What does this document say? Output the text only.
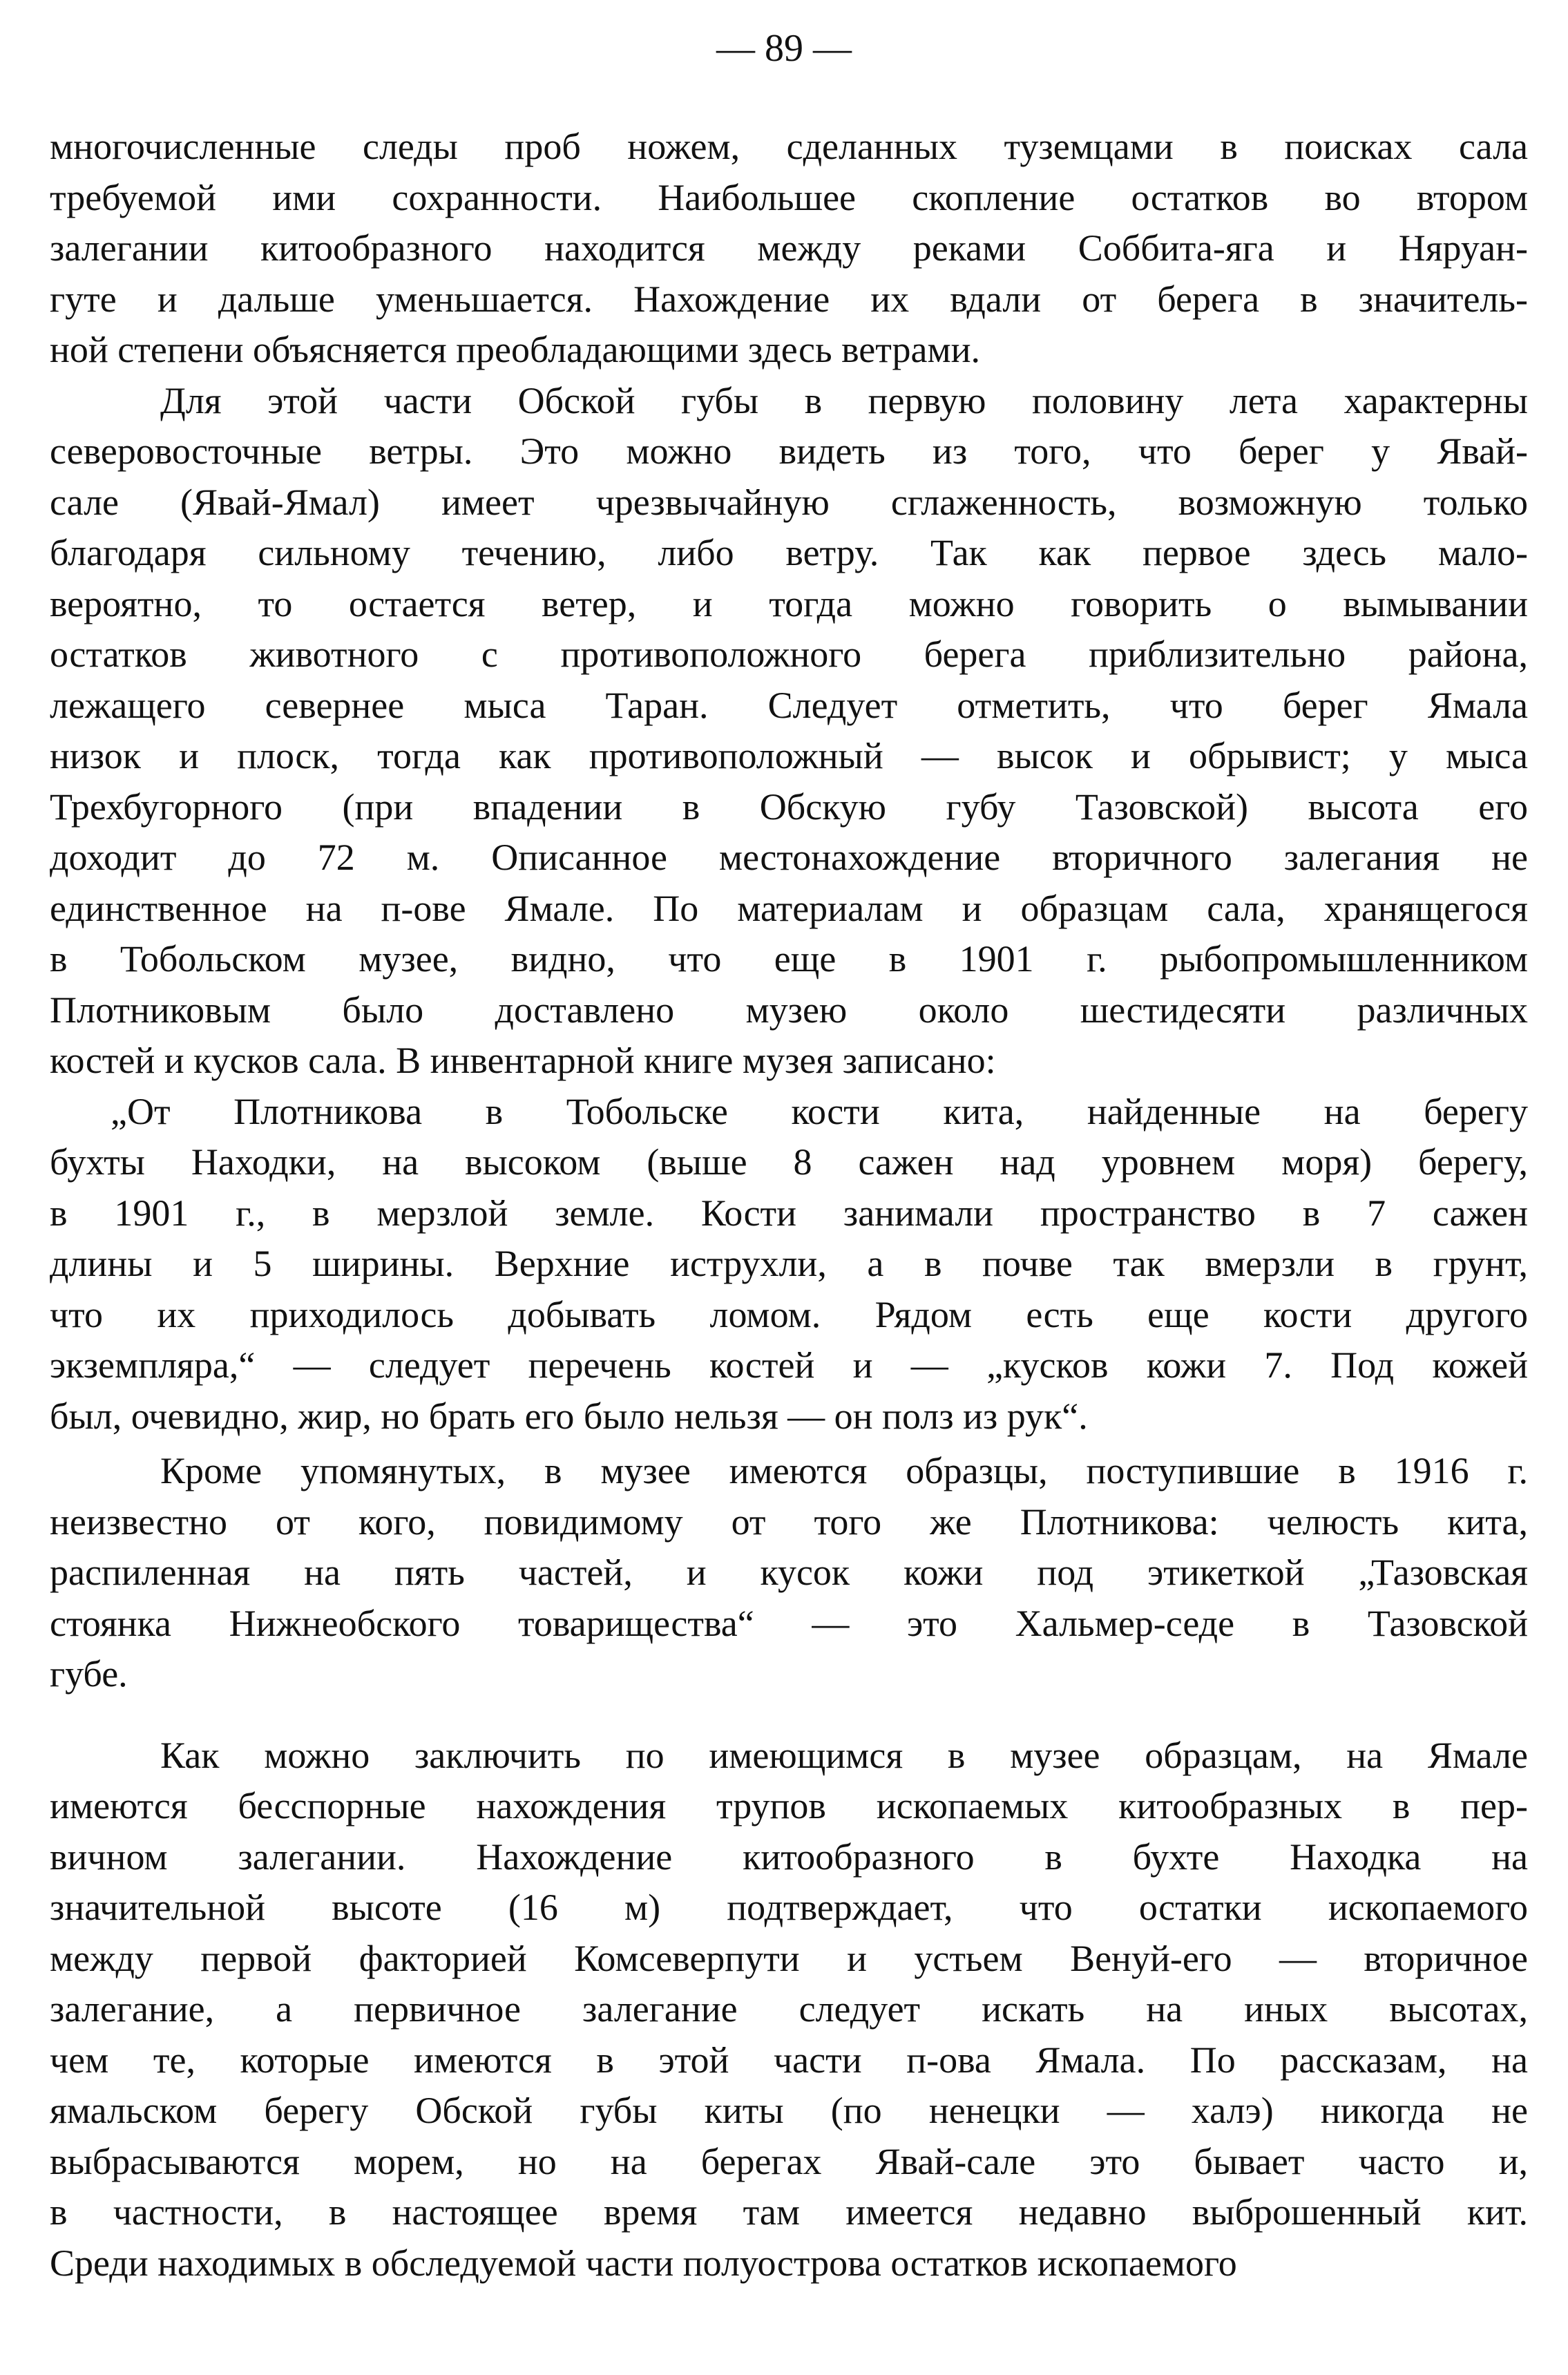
— 89 —
многочисленные следы проб ножем, сделанных туземцами в поисках сала
требуемой ими сохранности. Наибольшее скопление остатков во втором
залегании китообразного находится между реками Соббита-яга и Няруан-
гуте и дальше уменьшается. Нахождение их вдали от берега в значитель-
ной степени объясняется преобладающими здесь ветрами.
Для этой части Обской губы в первую половину лета характерны
северовосточные ветры. Это можно видеть из того, что берег у Явай-
сале (Явай-Ямал) имеет чрезвычайную сглаженность, возможную только
благодаря сильному течению, либо ветру. Так как первое здесь мало-
вероятно, то остается ветер, и тогда можно говорить о вымывании
остатков животного с противоположного берега приблизительно района,
лежащего севернее мыса Таран. Следует отметить, что берег Ямала
низок и плоск, тогда как противоположный — высок и обрывист; у мыса
Трехбугорного (при впадении в Обскую губу Тазовской) высота его
доходит до 72 м. Описанное местонахождение вторичного залегания не
единственное на п-ове Ямале. По материалам и образцам сала, хранящегося
в Тобольском музее, видно, что еще в 1901 г. рыбопромышленником
Плотниковым было доставлено музею около шестидесяти различных
костей и кусков сала. В инвентарной книге музея записано:
„От Плотникова в Тобольске кости кита, найденные на берегу
бухты Находки, на высоком (выше 8 сажен над уровнем моря) берегу,
в 1901 г., в мерзлой земле. Кости занимали пространство в 7 сажен
длины и 5 ширины. Верхние иструхли, а в почве так вмерзли в грунт,
что их приходилось добывать ломом. Рядом есть еще кости другого
экземпляра,“ — следует перечень костей и — „кусков кожи 7. Под кожей
был, очевидно, жир, но брать его было нельзя — он полз из рук“.
Кроме упомянутых, в музее имеются образцы, поступившие в 1916 г.
неизвестно от кого, повидимому от того же Плотникова: челюсть кита,
распиленная на пять частей, и кусок кожи под этикеткой „Тазовская
стоянка Нижнеобского товарищества“ — это Хальмер-седе в Тазовской
губе.
Как можно заключить по имеющимся в музее образцам, на Ямале
имеются бесспорные нахождения трупов ископаемых китообразных в пер-
вичном залегании. Нахождение китообразного в бухте Находка на
значительной высоте (16 м) подтверждает, что остатки ископаемого
между первой факторией Комсеверпути и устьем Венуй-его — вторичное
залегание, а первичное залегание следует искать на иных высотах,
чем те, которые имеются в этой части п-ова Ямала. По рассказам, на
ямальском берегу Обской губы киты (по ненецки — халэ) никогда не
выбрасываются морем, но на берегах Явай-сале это бывает часто и,
в частности, в настоящее время там имеется недавно выброшенный кит.
Среди находимых в обследуемой части полуострова остатков ископаемого
